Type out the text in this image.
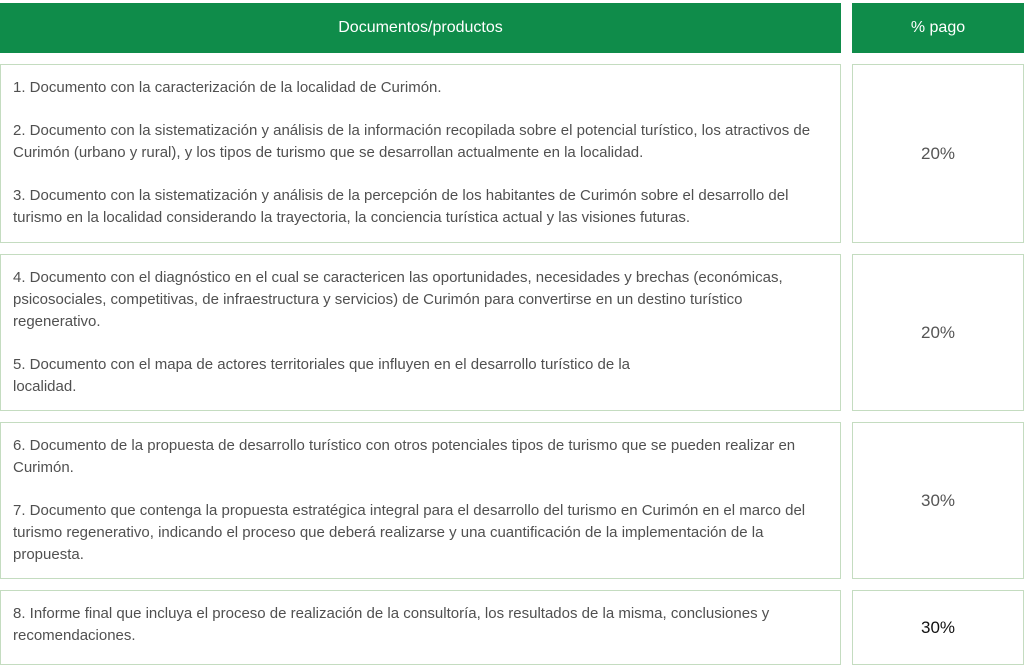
Documentos/productos	% pago

1. Documento con la caracterización de la localidad de Curimón.

2. Documento con la sistematización y análisis de la información recopilada sobre el potencial turístico, los atractivos de Curimón (urbano y rural), y los tipos de turismo que se desarrollan actualmente en la localidad.

3. Documento con la sistematización y análisis de la percepción de los habitantes de Curimón sobre el desarrollo del turismo en la localidad considerando la trayectoria, la conciencia turística actual y las visiones futuras.

20%

4. Documento con el diagnóstico en el cual se caractericen las oportunidades, necesidades y brechas (económicas, psicosociales, competitivas, de infraestructura y servicios) de Curimón para convertirse en un destino turístico regenerativo.

5. Documento con el mapa de actores territoriales que influyen en el desarrollo turístico de la localidad.

20%

6. Documento de la propuesta de desarrollo turístico con otros potenciales tipos de turismo que se pueden realizar en Curimón.

7. Documento que contenga la propuesta estratégica integral para el desarrollo del turismo en Curimón en el marco del turismo regenerativo, indicando el proceso que deberá realizarse y una cuantificación de la implementación de la propuesta.

30%

8. Informe final que incluya el proceso de realización de la consultoría, los resultados de la misma, conclusiones y recomendaciones.	30%
